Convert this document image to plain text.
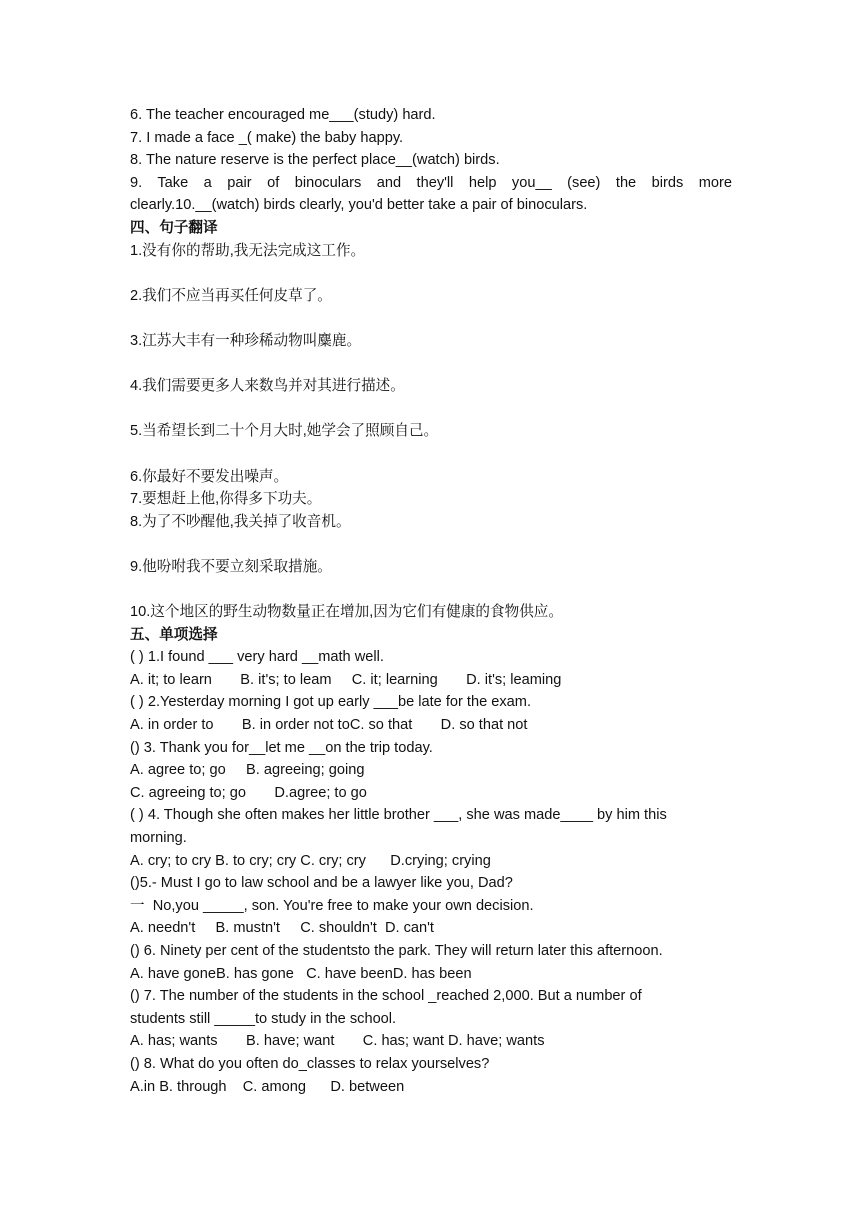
6. The teacher encouraged me___(study) hard.
7. I made a face _( make) the baby happy.
8. The nature reserve is the perfect place__(watch) birds.
9. Take a pair of binoculars and they'll help you__ (see) the birds more
clearly.10.__(watch) birds clearly, you'd better take a pair of binoculars.
四、句子翻译
1.没有你的帮助,我无法完成这工作。
2.我们不应当再买任何皮草了。
3.江苏大丰有一种珍稀动物叫麋鹿。
4.我们需要更多人来数鸟并对其进行描述。
5.当希望长到二十个月大时,她学会了照顾自己。
6.你最好不要发出噪声。
7.要想赶上他,你得多下功夫。
8.为了不吵醒他,我关掉了收音机。
9.他吩咐我不要立刻采取措施。
10.这个地区的野生动物数量正在增加,因为它们有健康的食物供应。
五、单项选择
( ) 1.I found ___ very hard __math well.
A. it; to learn       B. it's; to leam     C. it; learning       D. it's; leaming
( ) 2.Yesterday morning I got up early ___be late for the exam.
A. in order to       B. in order not toC. so that       D. so that not
() 3. Thank you for__let me __on the trip today.
A. agree to; go     B. agreeing; going
C. agreeing to; go       D.agree; to go
( ) 4. Though she often makes her little brother ___, she was made____ by him this
morning.
A. cry; to cry B. to cry; cry C. cry; cry      D.crying; crying
()5.- Must I go to law school and be a lawyer like you, Dad?
一  No,you _____, son. You're free to make your own decision.
A. needn't     B. mustn't     C. shouldn't  D. can't
() 6. Ninety per cent of the studentsto the park. They will return later this afternoon.
A. have goneB. has gone   C. have beenD. has been
() 7. The number of the students in the school _reached 2,000. But a number of
students still _____to study in the school.
A. has; wants       B. have; want       C. has; want D. have; wants
() 8. What do you often do_classes to relax yourselves?
A.in B. through    C. among      D. between
